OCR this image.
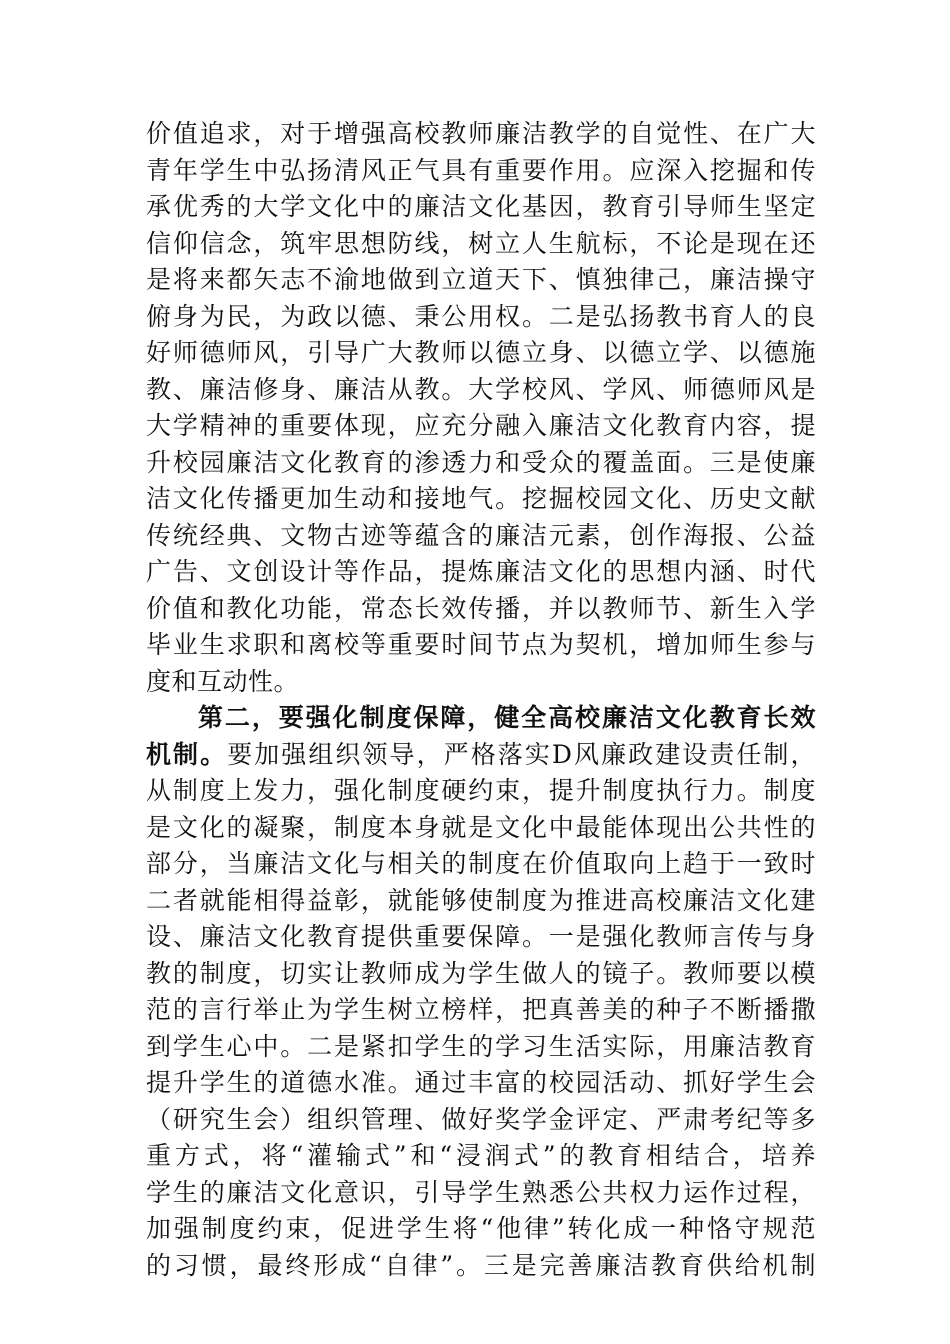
价值追求，对于增强高校教师廉洁教学的自觉性、在广大
青年学生中弘扬清风正气具有重要作用。应深入挖掘和传
承优秀的大学文化中的廉洁文化基因，教育引导师生坚定
信仰信念，筑牢思想防线，树立人生航标，不论是现在还
是将来都矢志不渝地做到立道天下、慎独律己，廉洁操守
俯身为民，为政以德、秉公用权。二是弘扬教书育人的良
好师德师风，引导广大教师以德立身、以德立学、以德施
教、廉洁修身、廉洁从教。大学校风、学风、师德师风是
大学精神的重要体现，应充分融入廉洁文化教育内容，提
升校园廉洁文化教育的渗透力和受众的覆盖面。三是使廉
洁文化传播更加生动和接地气。挖掘校园文化、历史文献
传统经典、文物古迹等蕴含的廉洁元素，创作海报、公益
广告、文创设计等作品，提炼廉洁文化的思想内涵、时代
价值和教化功能，常态长效传播，并以教师节、新生入学
毕业生求职和离校等重要时间节点为契机，增加师生参与
度和互动性。
第二，要强化制度保障，健全高校廉洁文化教育长效
机制。要加强组织领导，严格落实D风廉政建设责任制，
从制度上发力，强化制度硬约束，提升制度执行力。制度
是文化的凝聚，制度本身就是文化中最能体现出公共性的
部分，当廉洁文化与相关的制度在价值取向上趋于一致时
二者就能相得益彰，就能够使制度为推进高校廉洁文化建
设、廉洁文化教育提供重要保障。一是强化教师言传与身
教的制度，切实让教师成为学生做人的镜子。教师要以模
范的言行举止为学生树立榜样，把真善美的种子不断播撒
到学生心中。二是紧扣学生的学习生活实际，用廉洁教育
提升学生的道德水准。通过丰富的校园活动、抓好学生会
（研究生会）组织管理、做好奖学金评定、严肃考纪等多
重方式，将“灌输式”和“浸润式”的教育相结合，培养
学生的廉洁文化意识，引导学生熟悉公共权力运作过程，
加强制度约束，促进学生将“他律”转化成一种恪守规范
的习惯，最终形成“自律”。三是完善廉洁教育供给机制
